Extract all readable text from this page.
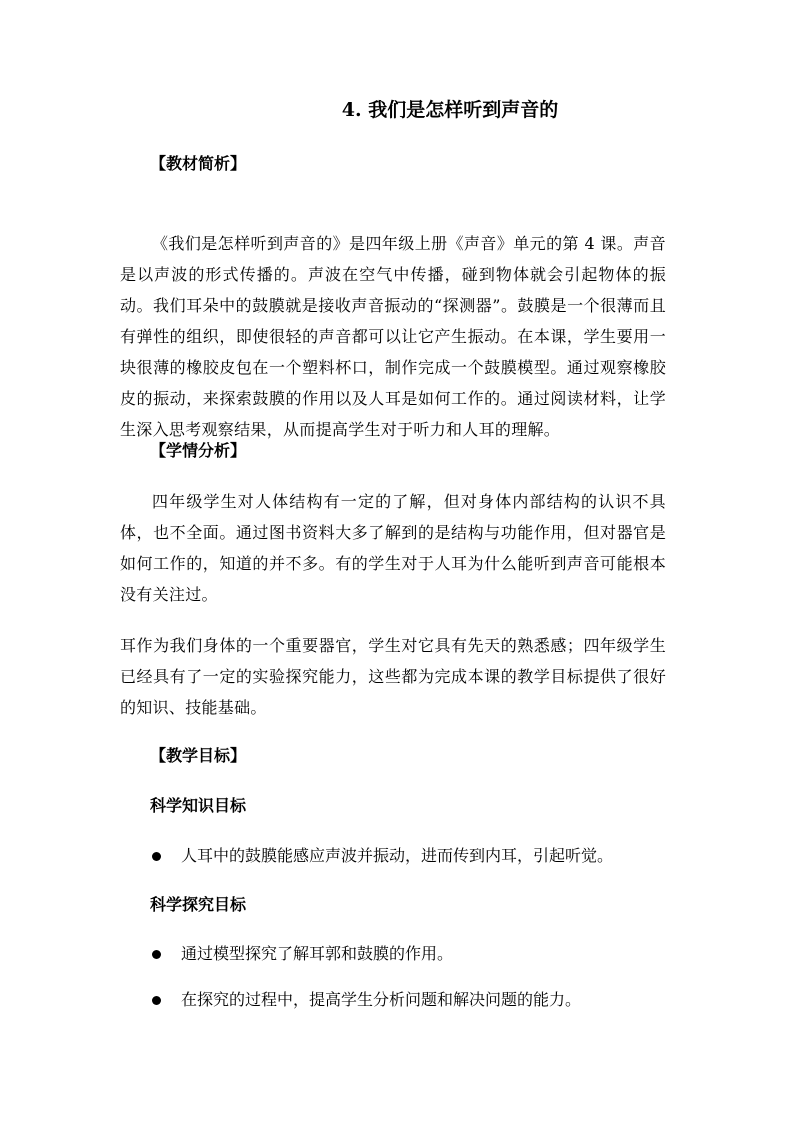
4. 我们是怎样听到声音的
【教材简析】

《我们是怎样听到声音的》是四年级上册《声音》单元的第 4 课。声音是以声波的形式传播的。声波在空气中传播，碰到物体就会引起物体的振动。我们耳朵中的鼓膜就是接收声音振动的“探测器”。鼓膜是一个很薄而且有弹性的组织，即使很轻的声音都可以让它产生振动。在本课，学生要用一块很薄的橡胶皮包在一个塑料杯口，制作完成一个鼓膜模型。通过观察橡胶皮的振动，来探索鼓膜的作用以及人耳是如何工作的。通过阅读材料，让学生深入思考观察结果，从而提高学生对于听力和人耳的理解。

【学情分析】

四年级学生对人体结构有一定的了解，但对身体内部结构的认识不具体，也不全面。通过图书资料大多了解到的是结构与功能作用，但对器官是如何工作的，知道的并不多。有的学生对于人耳为什么能听到声音可能根本没有关注过。

耳作为我们身体的一个重要器官，学生对它具有先天的熟悉感；四年级学生已经具有了一定的实验探究能力，这些都为完成本课的教学目标提供了很好的知识、技能基础。

【教学目标】
科学知识目标
人耳中的鼓膜能感应声波并振动，进而传到内耳，引起听觉。
科学探究目标
通过模型探究了解耳郭和鼓膜的作用。
在探究的过程中，提高学生分析问题和解决问题的能力。
